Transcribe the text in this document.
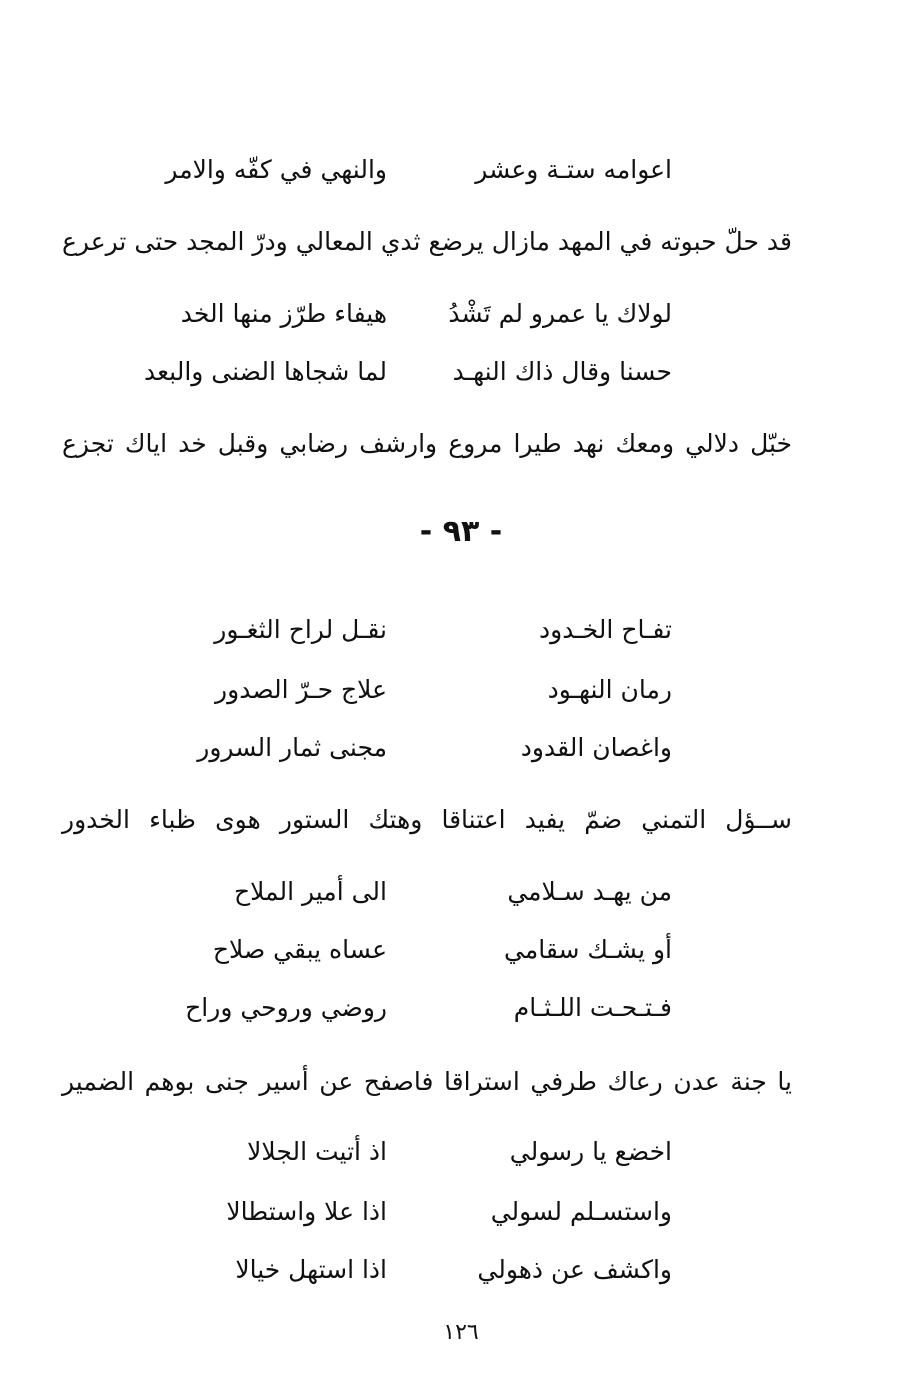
اعوامه ستـة وعشر
والنهي في كفّه والامر
قد حلّ حبوته في المهد مازال يرضع ثدي المعالي ودرّ المجد حتى ترعرع
لولاك يا عمرو لم تَشْدُ
هيفاء طرّز منها الخد
حسنا وقال ذاك النهـد
لما شجاها الضنى والبعد
خبّل دلالي ومعك نهد طيرا مروع وارشف رضابي وقبل خد اياك تجزع
- ٩٣ -
تفـاح الخـدود
نقـل لراح الثغـور
رمان النهـود
علاج حـرّ الصدور
واغصان القدود
مجنى ثمار السرور
ســؤل التمني ضمّ يفيد اعتناقا وهتك الستور هوى ظباء الخدور
من يهـد سـلامي
الى أمير الملاح
أو يشـك سقامي
عساه يبقي صلاح
فـتـحـت اللـثـام
روضي وروحي وراح
يا جنة عدن رعاك طرفي استراقا فاصفح عن أسير جنى بوهم الضمير
اخضع يا رسولي
اذ أتيت الجلالا
واستسـلم لسولي
اذا علا واستطالا
واكشف عن ذهولي
اذا استهل خيالا
١٢٦
